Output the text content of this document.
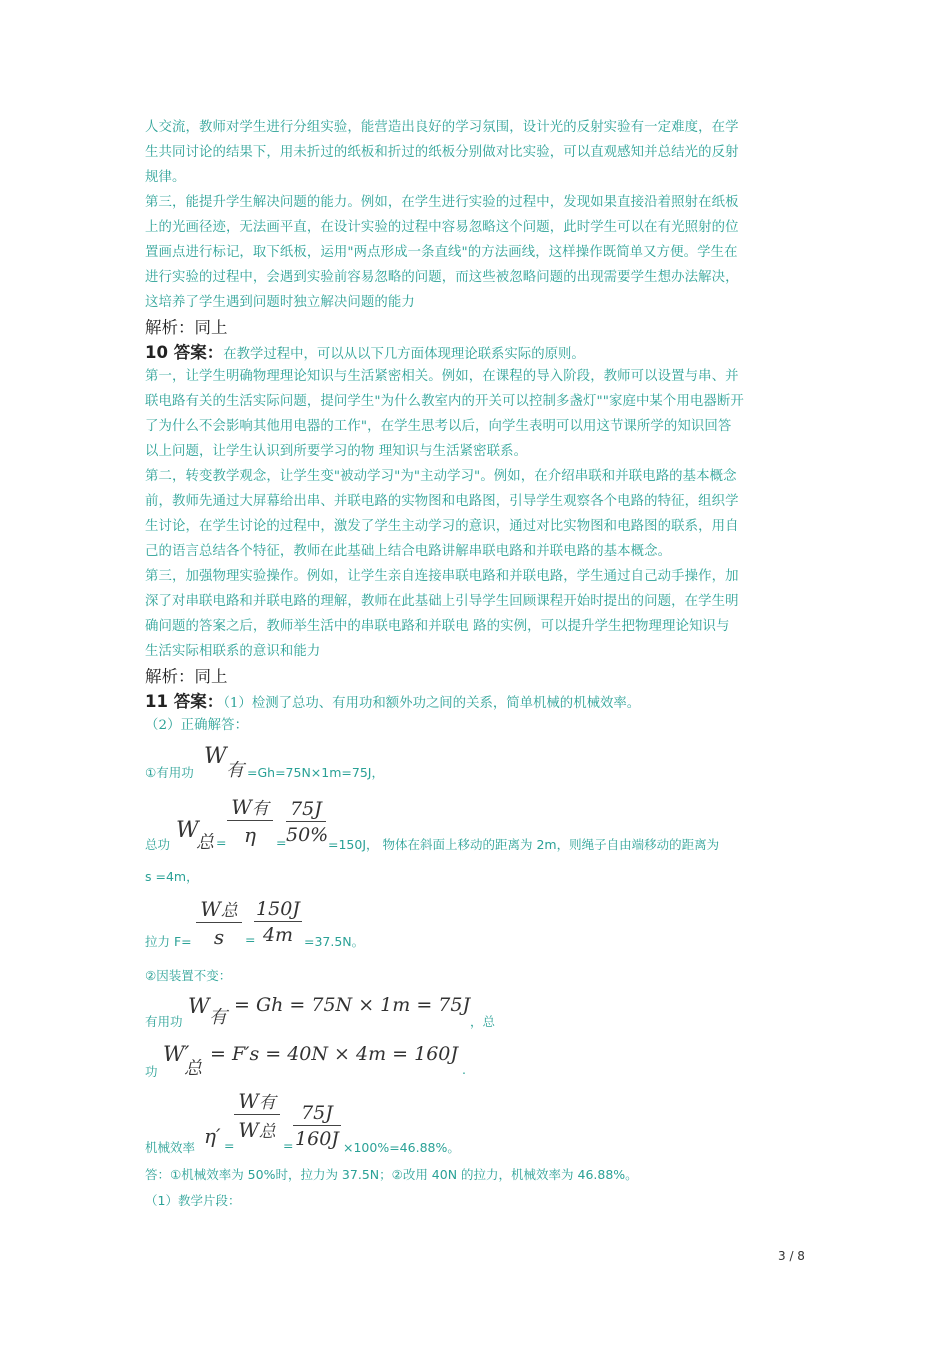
人交流，教师对学生进行分组实验，能营造出良好的学习氛围，设计光的反射实验有一定难度，在学
生共同讨论的结果下，用未折过的纸板和折过的纸板分别做对比实验，可以直观感知并总结光的反射
规律。
第三，能提升学生解决问题的能力。例如，在学生进行实验的过程中，发现如果直接沿着照射在纸板
上的光画径迹，无法画平直，在设计实验的过程中容易忽略这个问题，此时学生可以在有光照射的位
置画点进行标记，取下纸板，运用"两点形成一条直线"的方法画线，这样操作既简单又方便。学生在
进行实验的过程中，会遇到实验前容易忽略的问题，而这些被忽略问题的出现需要学生想办法解决，
这培养了学生遇到问题时独立解决问题的能力
解析：同上
10 答案：在教学过程中，可以从以下几方面体现理论联系实际的原则。
第一，让学生明确物理理论知识与生活紧密相关。例如，在课程的导入阶段，教师可以设置与串、并
联电路有关的生活实际问题，提问学生"为什么教室内的开关可以控制多盏灯""家庭中某个用电器断开
了为什么不会影响其他用电器的工作"，在学生思考以后，向学生表明可以用这节课所学的知识回答
以上问题，让学生认识到所要学习的物 理知识与生活紧密联系。
第二，转变教学观念，让学生变"被动学习"为"主动学习"。例如，在介绍串联和并联电路的基本概念
前，教师先通过大屏幕给出串、并联电路的实物图和电路图，引导学生观察各个电路的特征，组织学
生讨论，在学生讨论的过程中，激发了学生主动学习的意识，通过对比实物图和电路图的联系，用自
己的语言总结各个特征，教师在此基础上结合电路讲解串联电路和并联电路的基本概念。
第三，加强物理实验操作。例如，让学生亲自连接串联电路和并联电路，学生通过自己动手操作，加
深了对串联电路和并联电路的理解，教师在此基础上引导学生回顾课程开始时提出的问题，在学生明
确问题的答案之后，教师举生活中的串联电路和并联电 路的实例，可以提升学生把物理理论知识与
生活实际相联系的意识和能力
解析：同上
11 答案：（1）检测了总功、有用功和额外功之间的关系，简单机械的机械效率。
（2）正确解答：
①有用功
W
有 =Gh=75N×1m=75J，
总功
W
总 =
W有
η	= $\frac{75J}{50\%} =150J$， 物体在斜面上移动的距离为 2m，则绳子自由端移动的距离为
s =4m，
拉力 F=
W总
s	=
$\frac{150J}{4m} =37.5N$。
②因装置不变：
有用功
W 有
= Gh = 75N × 1m = 75J
，总
功
W′
总
= F′s = 40N × 4m = 160J
.
机械效率 η′ =
W有
W总
= $\frac{75J}{160J} \times 100\%=46.88\%$。
答：①机械效率为 50%时，拉力为 37.5N；②改用 40N 的拉力，机械效率为 46.88%。
（1）教学片段：
3 / 8
